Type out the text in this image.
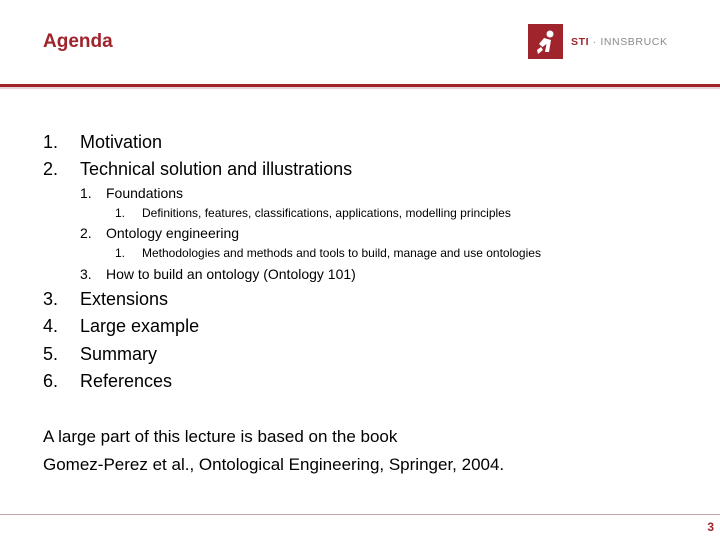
Agenda	STI · INNSBRUCK
1. Motivation
2. Technical solution and illustrations
1. Foundations
1. Definitions, features, classifications, applications, modelling principles
2. Ontology engineering
1. Methodologies and methods and tools to build, manage and use ontologies
3. How to build an ontology (Ontology 101)
3. Extensions
4. Large example
5. Summary
6. References
A large part of this lecture is based on the book
Gomez-Perez et al., Ontological Engineering, Springer, 2004.
3
